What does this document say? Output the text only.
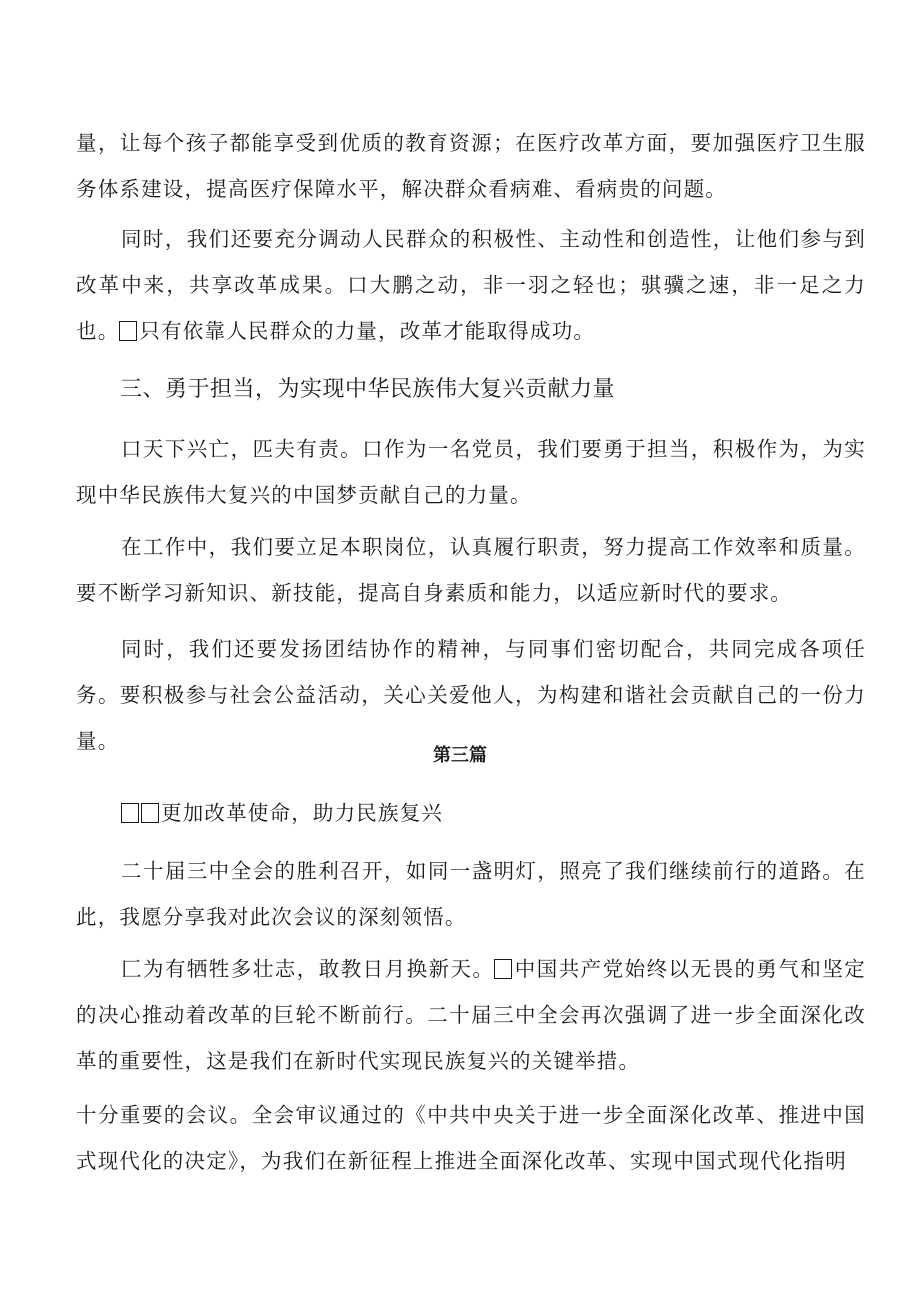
量，让每个孩子都能享受到优质的教育资源；在医疗改革方面，要加强医疗卫生服务体系建设，提高医疗保障水平，解决群众看病难、看病贵的问题。

同时，我们还要充分调动人民群众的积极性、主动性和创造性，让他们参与到改革中来，共享改革成果。口大鹏之动，非一羽之轻也；骐骥之速，非一足之力也。 只有依靠人民群众的力量，改革才能取得成功。

三、勇于担当，为实现中华民族伟大复兴贡献力量

口天下兴亡，匹夫有责。口作为一名党员，我们要勇于担当，积极作为，为实现中华民族伟大复兴的中国梦贡献自己的力量。

在工作中，我们要立足本职岗位，认真履行职责，努力提高工作效率和质量。要不断学习新知识、新技能，提高自身素质和能力，以适应新时代的要求。

同时，我们还要发扬团结协作的精神，与同事们密切配合，共同完成各项任务。要积极参与社会公益活动，关心关爱他人，为构建和谐社会贡献自己的一份力量。

第三篇

更加改革使命，助力民族复兴

二十届三中全会的胜利召开，如同一盏明灯，照亮了我们继续前行的道路。在此，我愿分享我对此次会议的深刻领悟。

匚为有牺牲多壮志，敢教日月换新天。 中国共产党始终以无畏的勇气和坚定的决心推动着改革的巨轮不断前行。二十届三中全会再次强调了进一步全面深化改革的重要性，这是我们在新时代实现民族复兴的关键举措。

十分重要的会议。全会审议通过的《中共中央关于进一步全面深化改革、推进中国式现代化的决定》，为我们在新征程上推进全面深化改革、实现中国式现代化指明
